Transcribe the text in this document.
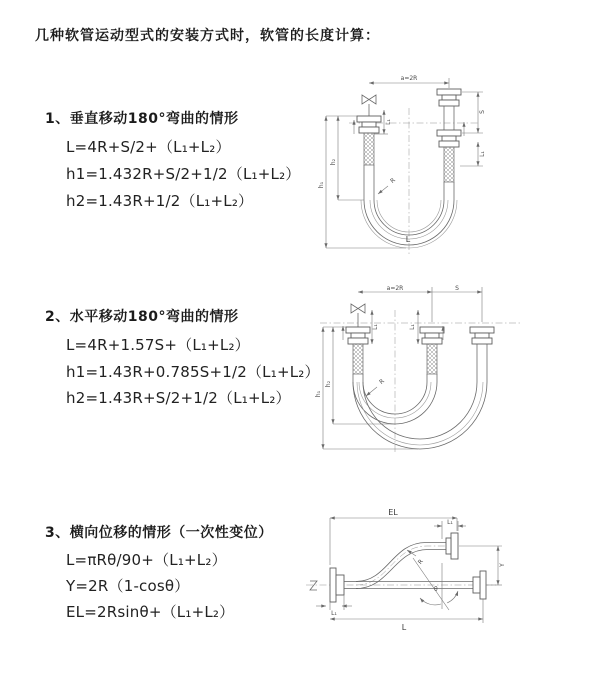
几种软管运动型式的安装方式时，软管的长度计算：
1、垂直移动180°弯曲的情形
L=4R+S/2+（L₁+L₂）
h1=1.432R+S/2+1/2（L₁+L₂）
h2=1.43R+1/2（L₁+L₂）
2、水平移动180°弯曲的情形
L=4R+1.57S+（L₁+L₂）
h1=1.43R+0.785S+1/2（L₁+L₂）
h2=1.43R+S/2+1/2（L₁+L₂）
3、横向位移的情形（一次性变位）
L=πRθ/90+（L₁+L₂）
Y=2R（1-cosθ）
EL=2Rsinθ+（L₁+L₂）
a=2R
h₁
h₂
L₁
S
L₁
R
L
a=2R	S
L₁	L₁
h₁
h₂	R
EL
L₁
Y
R
θ
L₁
L
